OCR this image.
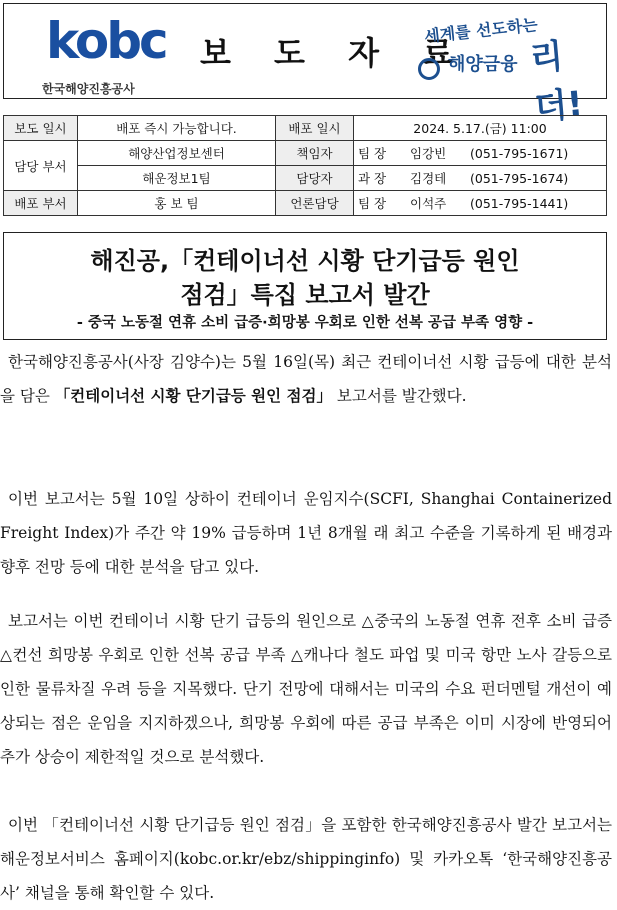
kobc
한국해양진흥공사
보 도 자 료
세계를 선도하는
해양금융 리더!
보도 일시	배포 즉시 가능합니다.	배포 일시	2024. 5.17.(금) 11:00
담당 부서	해양산업정보센터	책임자	팀 장 임강빈 (051-795-1671)
	해운정보1팀	담당자	과 장 김경테 (051-795-1674)
배포 부서	홍 보 팀	언론담당	팀 장 이석주 (051-795-1441)
해진공,「컨테이너선 시황 단기급등 원인
점검」특집 보고서 발간
- 중국 노동절 연휴 소비 급증·희망봉 우회로 인한 선복 공급 부족 영향 -

한국해양진흥공사(사장 김양수)는 5월 16일(목) 최근 컨테이너선 시황 급등에 대한 분석을 담은 「컨테이너선 시황 단기급등 원인 점검」 보고서를 발간했다.

이번 보고서는 5월 10일 상하이 컨테이너 운임지수(SCFI, Shanghai Containerized Freight Index)가 주간 약 19% 급등하며 1년 8개월 래 최고 수준을 기록하게 된 배경과 향후 전망 등에 대한 분석을 담고 있다.

보고서는 이번 컨테이너 시황 단기 급등의 원인으로 △중국의 노동절 연휴 전후 소비 급증 △컨선 희망봉 우회로 인한 선복 공급 부족 △캐나다 철도 파업 및 미국 항만 노사 갈등으로 인한 물류차질 우려 등을 지목했다. 단기 전망에 대해서는 미국의 수요 펀더멘털 개선이 예상되는 점은 운임을 지지하겠으나, 희망봉 우회에 따른 공급 부족은 이미 시장에 반영되어 추가 상승이 제한적일 것으로 분석했다.

이번 「컨테이너선 시황 단기급등 원인 점검」을 포함한 한국해양진흥공사 발간 보고서는 해운정보서비스 홈페이지(kobc.or.kr/ebz/shippinginfo) 및 카카오톡 ‘한국해양진흥공사’ 채널을 통해 확인할 수 있다.
